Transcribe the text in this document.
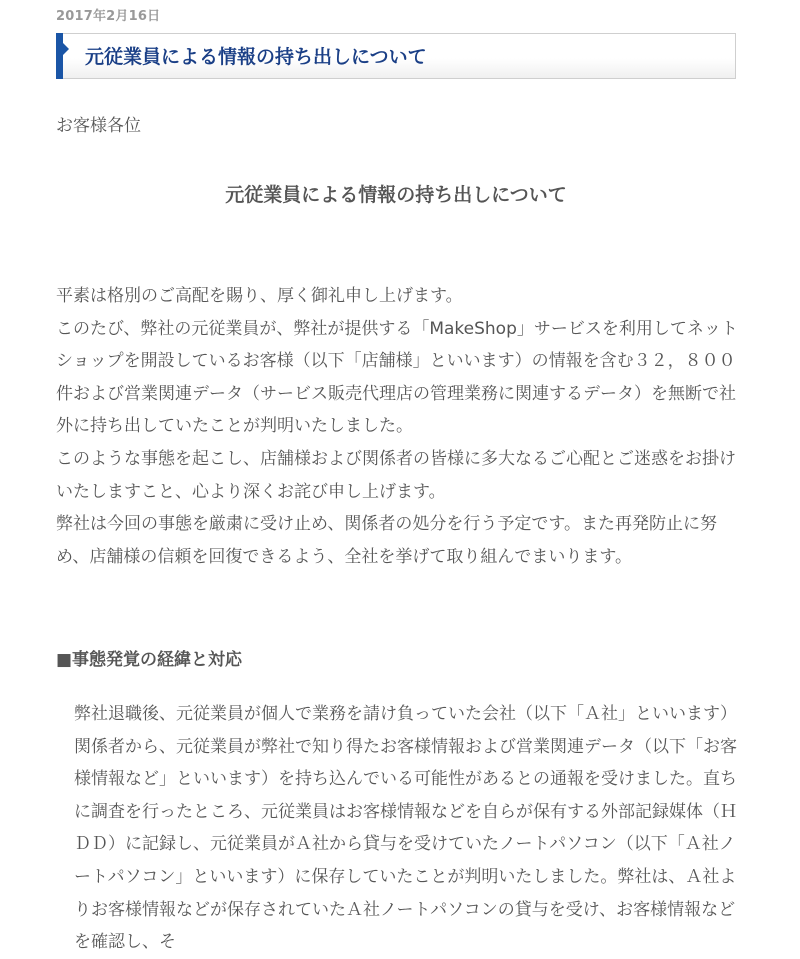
2017年2月16日
元従業員による情報の持ち出しについて
お客様各位
元従業員による情報の持ち出しについて

平素は格別のご高配を賜り、厚く御礼申し上げます。

このたび、弊社の元従業員が、弊社が提供する「MakeShop」サービスを利用してネットショップを開設しているお客様（以下「店舗様」といいます）の情報を含む３２，８００件および営業関連データ（サービス販売代理店の管理業務に関連するデータ）を無断で社外に持ち出していたことが判明いたしました。

このような事態を起こし、店舗様および関係者の皆様に多大なるご心配とご迷惑をお掛けいたしますこと、心より深くお詫び申し上げます。

弊社は今回の事態を厳粛に受け止め、関係者の処分を行う予定です。また再発防止に努め、店舗様の信頼を回復できるよう、全社を挙げて取り組んでまいります。

■事態発覚の経緯と対応

弊社退職後、元従業員が個人で業務を請け負っていた会社（以下「Ａ社」といいます）関係者から、元従業員が弊社で知り得たお客様情報および営業関連データ（以下「お客様情報など」といいます）を持ち込んでいる可能性があるとの通報を受けました。直ちに調査を行ったところ、元従業員はお客様情報などを自らが保有する外部記録媒体（ＨＤＤ）に記録し、元従業員がＡ社から貸与を受けていたノートパソコン（以下「Ａ社ノートパソコン」といいます）に保存していたことが判明いたしました。弊社は、Ａ社よりお客様情報などが保存されていたＡ社ノートパソコンの貸与を受け、お客様情報などを確認し、そ
